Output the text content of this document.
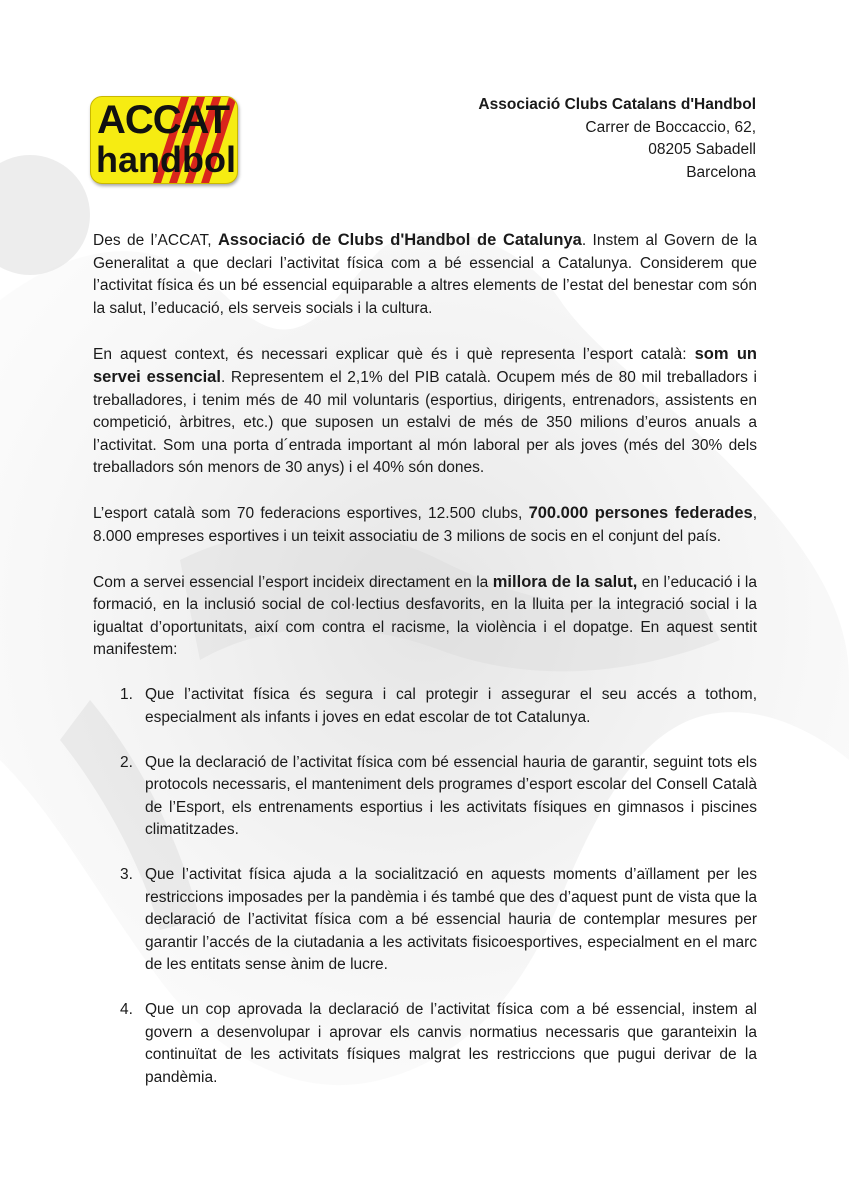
ACCAT
handbol
Associació Clubs Catalans d'Handbol
Carrer de Boccaccio, 62,
08205 Sabadell
Barcelona

Des de l’ACCAT, Associació de Clubs d'Handbol de Catalunya. Instem al Govern de la Generalitat a que declari l’activitat física com a bé essencial a Catalunya. Considerem que l’activitat física és un bé essencial equiparable a altres elements de l’estat del benestar com són la salut, l’educació, els serveis socials i la cultura.

En aquest context, és necessari explicar què és i què representa l’esport català: som un servei essencial. Representem el 2,1% del PIB català. Ocupem més de 80 mil treballadors i treballadores, i tenim més de 40 mil voluntaris (esportius, dirigents, entrenadors, assistents en competició, àrbitres, etc.) que suposen un estalvi de més de 350 milions d’euros anuals a l’activitat. Som una porta d´entrada important al món laboral per als joves (més del 30% dels treballadors són menors de 30 anys) i el 40% són dones.

L’esport català som 70 federacions esportives, 12.500 clubs, 700.000 persones federades, 8.000 empreses esportives i un teixit associatiu de 3 milions de socis en el conjunt del país.

Com a servei essencial l’esport incideix directament en la millora de la salut, en l’educació i la formació, en la inclusió social de col·lectius desfavorits, en la lluita per la integració social i la igualtat d’oportunitats, així com contra el racisme, la violència i el dopatge. En aquest sentit manifestem:

1. Que l’activitat física és segura i cal protegir i assegurar el seu accés a tothom, especialment als infants i joves en edat escolar de tot Catalunya.
2. Que la declaració de l’activitat física com bé essencial hauria de garantir, seguint tots els protocols necessaris, el manteniment dels programes d’esport escolar del Consell Català de l’Esport, els entrenaments esportius i les activitats físiques en gimnasos i piscines climatitzades.
3. Que l’activitat física ajuda a la socialització en aquests moments d’aïllament per les restriccions imposades per la pandèmia i és també que des d’aquest punt de vista que la declaració de l’activitat física com a bé essencial hauria de contemplar mesures per garantir l’accés de la ciutadania a les activitats fisicoesportives, especialment en el marc de les entitats sense ànim de lucre.
4. Que un cop aprovada la declaració de l’activitat física com a bé essencial, instem al govern a desenvolupar i aprovar els canvis normatius necessaris que garanteixin la continuïtat de les activitats físiques malgrat les restriccions que pugui derivar de la pandèmia.
